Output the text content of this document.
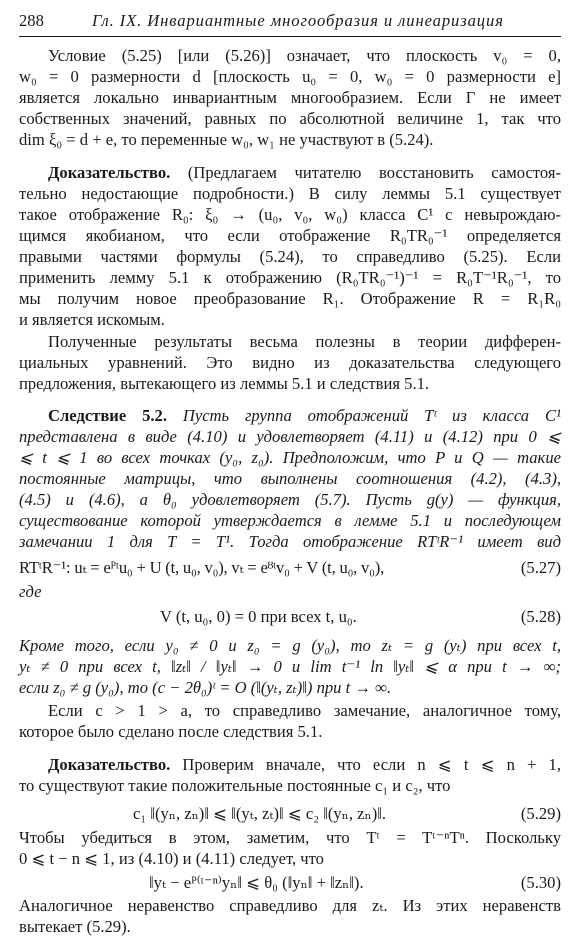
288	Гл. IX. Инвариантные многообразия и линеаризация
Условие (5.25) [или (5.26)] означает, что плоскость v₀ = 0,
w₀ = 0 размерности d [плоскость u₀ = 0, w₀ = 0 размерности e]
является локально инвариантным многообразием. Если Γ не имеет
собственных значений, равных по абсолютной величине 1, так что
dim ξ₀ = d + e, то переменные w₀, w₁ не участвуют в (5.24).
Доказательство. (Предлагаем читателю восстановить самостоя-
тельно недостающие подробности.) В силу леммы 5.1 существует
такое отображение R₀: ξ₀ → (u₀, v₀, w₀) класса C¹ с невырождаю-
щимся якобианом, что если отображение R₀TR₀⁻¹ определяется
правыми частями формулы (5.24), то справедливо (5.25). Если
применить лемму 5.1 к отображению (R₀TR₀⁻¹)⁻¹ = R₀T⁻¹R₀⁻¹, то
мы получим новое преобразование R₁. Отображение R = R₁R₀
и является искомым.
Полученные результаты весьма полезны в теории дифферен-
циальных уравнений. Это видно из доказательства следующего
предложения, вытекающего из леммы 5.1 и следствия 5.1.
Следствие 5.2. Пусть группа отображений Tᵗ из класса C¹
представлена в виде (4.10) и удовлетворяет (4.11) и (4.12) при 0 ⩽
⩽ t ⩽ 1 во всех точках (y₀, z₀). Предположим, что P и Q — такие
постоянные матрицы, что выполнены соотношения (4.2), (4.3),
(4.5) и (4.6), а θ₀ удовлетворяет (5.7). Пусть g(y) — функция,
существование которой утверждается в лемме 5.1 и последующем
замечании 1 для T = T¹. Тогда отображение RTᵗR⁻¹ имеет вид
RTᵗR⁻¹: uₜ = eᴾᵗu₀ + U (t, u₀, v₀), vₜ = eᴽᵗv₀ + V (t, u₀, v₀),	(5.27)
где
V (t, u₀, 0) = 0 при всех t, u₀.	(5.28)
Кроме того, если y₀ ≠ 0 и z₀ = g (y₀), то zₜ = g (yₜ) при всех t,
yₜ ≠ 0 при всех t, ‖zₜ‖ / ‖yₜ‖ → 0 и lim t⁻¹ ln ‖yₜ‖ ⩽ α при t → ∞;
если z₀ ≠ g (y₀), то (c − 2θ₀)ᵗ = O (‖(yₜ, zₜ)‖) при t → ∞.
Если c > 1 > a, то справедливо замечание, аналогичное тому,
которое было сделано после следствия 5.1.
Доказательство. Проверим вначале, что если n ⩽ t ⩽ n + 1,
то существуют такие положительные постоянные c₁ и c₂, что
c₁ ‖(yₙ, zₙ)‖ ⩽ ‖(yₜ, zₜ)‖ ⩽ c₂ ‖(yₙ, zₙ)‖.	(5.29)
Чтобы убедиться в этом, заметим, что Tᵗ = Tᵗ⁻ⁿTⁿ. Поскольку
0 ⩽ t − n ⩽ 1, из (4.10) и (4.11) следует, что
‖yₜ − eᴾ⁽ᵗ⁻ⁿ⁾yₙ‖ ⩽ θ₀ (‖yₙ‖ + ‖zₙ‖).	(5.30)
Аналогичное неравенство справедливо для zₜ. Из этих неравенств
вытекает (5.29).
